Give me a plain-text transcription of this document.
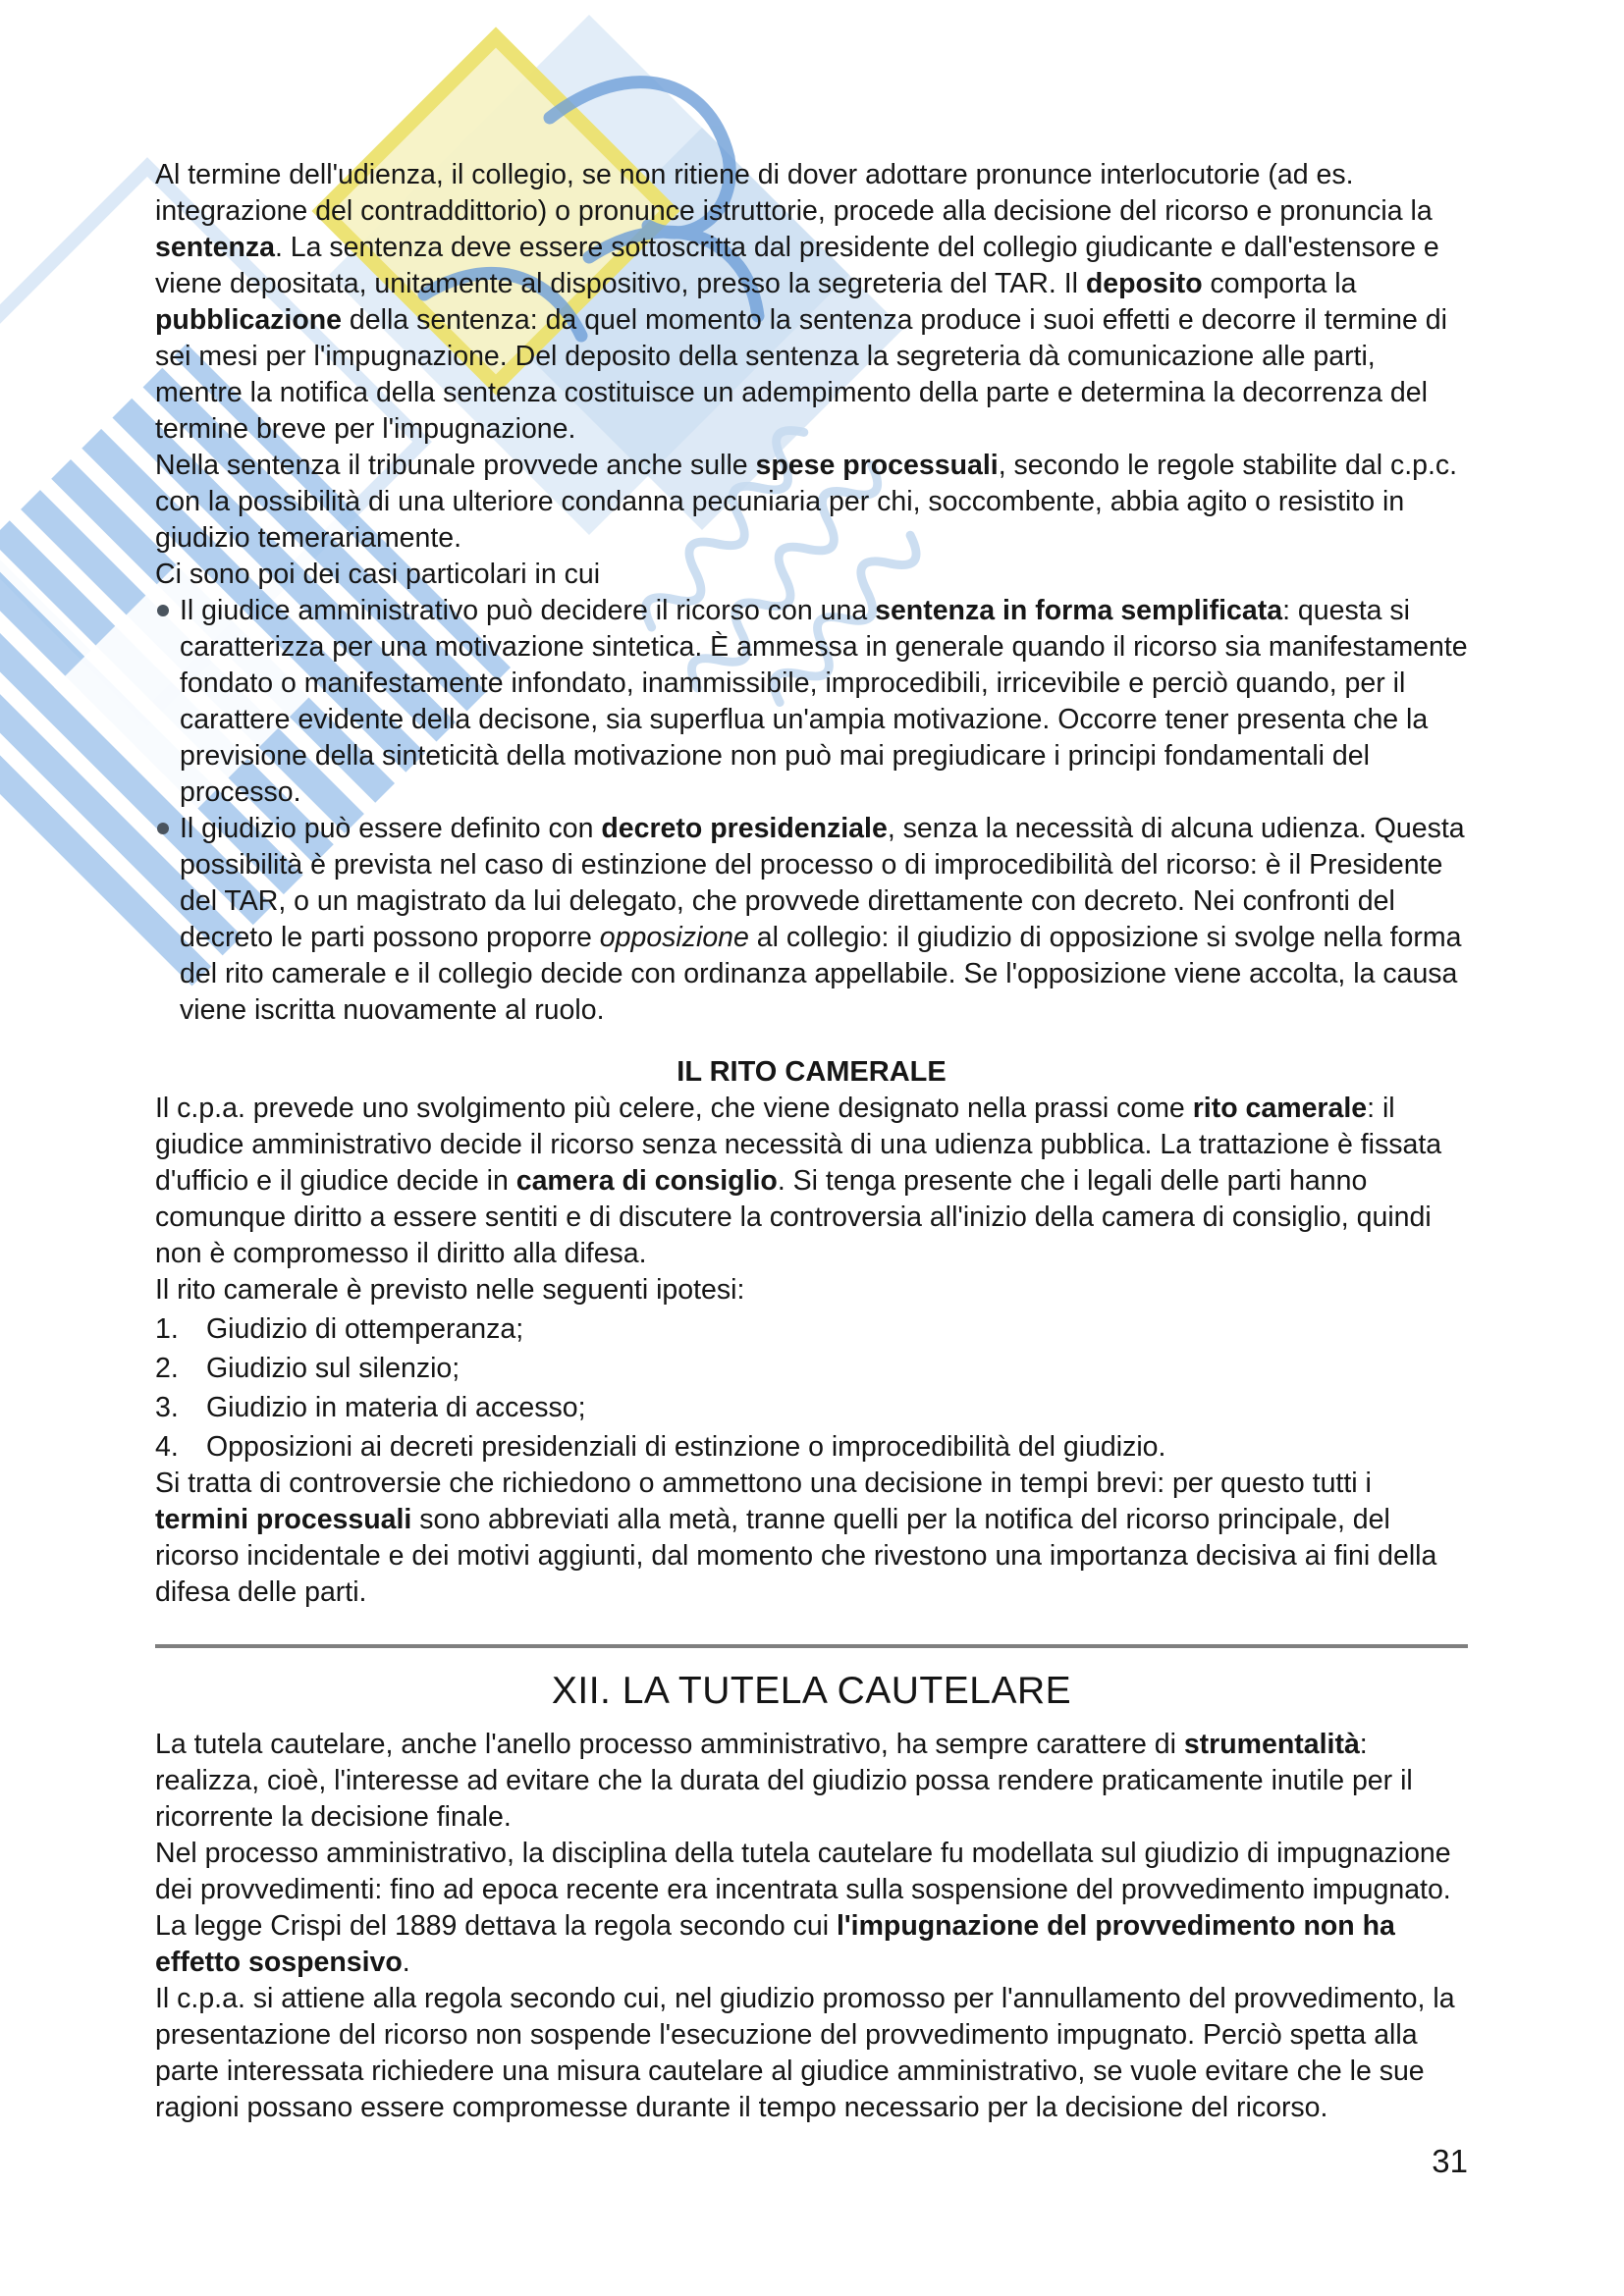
Al termine dell'udienza, il collegio, se non ritiene di dover adottare pronunce interlocutorie (ad es. integrazione del contraddittorio) o pronunce istruttorie, procede alla decisione del ricorso e pronuncia la sentenza. La sentenza deve essere sottoscritta dal presidente del collegio giudicante e dall'estensore e viene depositata, unitamente al dispositivo, presso la segreteria del TAR. Il deposito comporta la pubblicazione della sentenza: da quel momento la sentenza produce i suoi effetti e decorre il termine di sei mesi per l'impugnazione. Del deposito della sentenza la segreteria dà comunicazione alle parti, mentre la notifica della sentenza costituisce un adempimento della parte e determina la decorrenza del termine breve per l'impugnazione.

Nella sentenza il tribunale provvede anche sulle spese processuali, secondo le regole stabilite dal c.p.c. con la possibilità di una ulteriore condanna pecuniaria per chi, soccombente, abbia agito o resistito in giudizio temerariamente.

Ci sono poi dei casi particolari in cui

Il giudice amministrativo può decidere il ricorso con una sentenza in forma semplificata: questa si caratterizza per una motivazione sintetica. È ammessa in generale quando il ricorso sia manifestamente fondato o manifestamente infondato, inammissibile, improcedibili, irricevibile e perciò quando, per il carattere evidente della decisone, sia superflua un'ampia motivazione. Occorre tener presenta che la previsione della sinteticità della motivazione non può mai pregiudicare i principi fondamentali del processo.
Il giudizio può essere definito con decreto presidenziale, senza la necessità di alcuna udienza. Questa possibilità è prevista nel caso di estinzione del processo o di improcedibilità del ricorso: è il Presidente del TAR, o un magistrato da lui delegato, che provvede direttamente con decreto. Nei confronti del decreto le parti possono proporre opposizione al collegio: il giudizio di opposizione si svolge nella forma del rito camerale e il collegio decide con ordinanza appellabile. Se l'opposizione viene accolta, la causa viene iscritta nuovamente al ruolo.
IL RITO CAMERALE

Il c.p.a. prevede uno svolgimento più celere, che viene designato nella prassi come rito camerale: il giudice amministrativo decide il ricorso senza necessità di una udienza pubblica. La trattazione è fissata d'ufficio e il giudice decide in camera di consiglio. Si tenga presente che i legali delle parti hanno comunque diritto a essere sentiti e di discutere la controversia all'inizio della camera di consiglio, quindi non è compromesso il diritto alla difesa.

Il rito camerale è previsto nelle seguenti ipotesi:

1. Giudizio di ottemperanza;
2. Giudizio sul silenzio;
3. Giudizio in materia di accesso;
4. Opposizioni ai decreti presidenziali di estinzione o improcedibilità del giudizio.

Si tratta di controversie che richiedono o ammettono una decisione in tempi brevi: per questo tutti i termini processuali sono abbreviati alla metà, tranne quelli per la notifica del ricorso principale, del ricorso incidentale e dei motivi aggiunti, dal momento che rivestono una importanza decisiva ai fini della difesa delle parti.

XII. LA TUTELA CAUTELARE

La tutela cautelare, anche l'anello processo amministrativo, ha sempre carattere di strumentalità: realizza, cioè, l'interesse ad evitare che la durata del giudizio possa rendere praticamente inutile per il ricorrente la decisione finale.

Nel processo amministrativo, la disciplina della tutela cautelare fu modellata sul giudizio di impugnazione dei provvedimenti: fino ad epoca recente era incentrata sulla sospensione del provvedimento impugnato. La legge Crispi del 1889 dettava la regola secondo cui l'impugnazione del provvedimento non ha effetto sospensivo.

Il c.p.a. si attiene alla regola secondo cui, nel giudizio promosso per l'annullamento del provvedimento, la presentazione del ricorso non sospende l'esecuzione del provvedimento impugnato. Perciò spetta alla parte interessata richiedere una misura cautelare al giudice amministrativo, se vuole evitare che le sue ragioni possano essere compromesse durante il tempo necessario per la decisione del ricorso.

31
